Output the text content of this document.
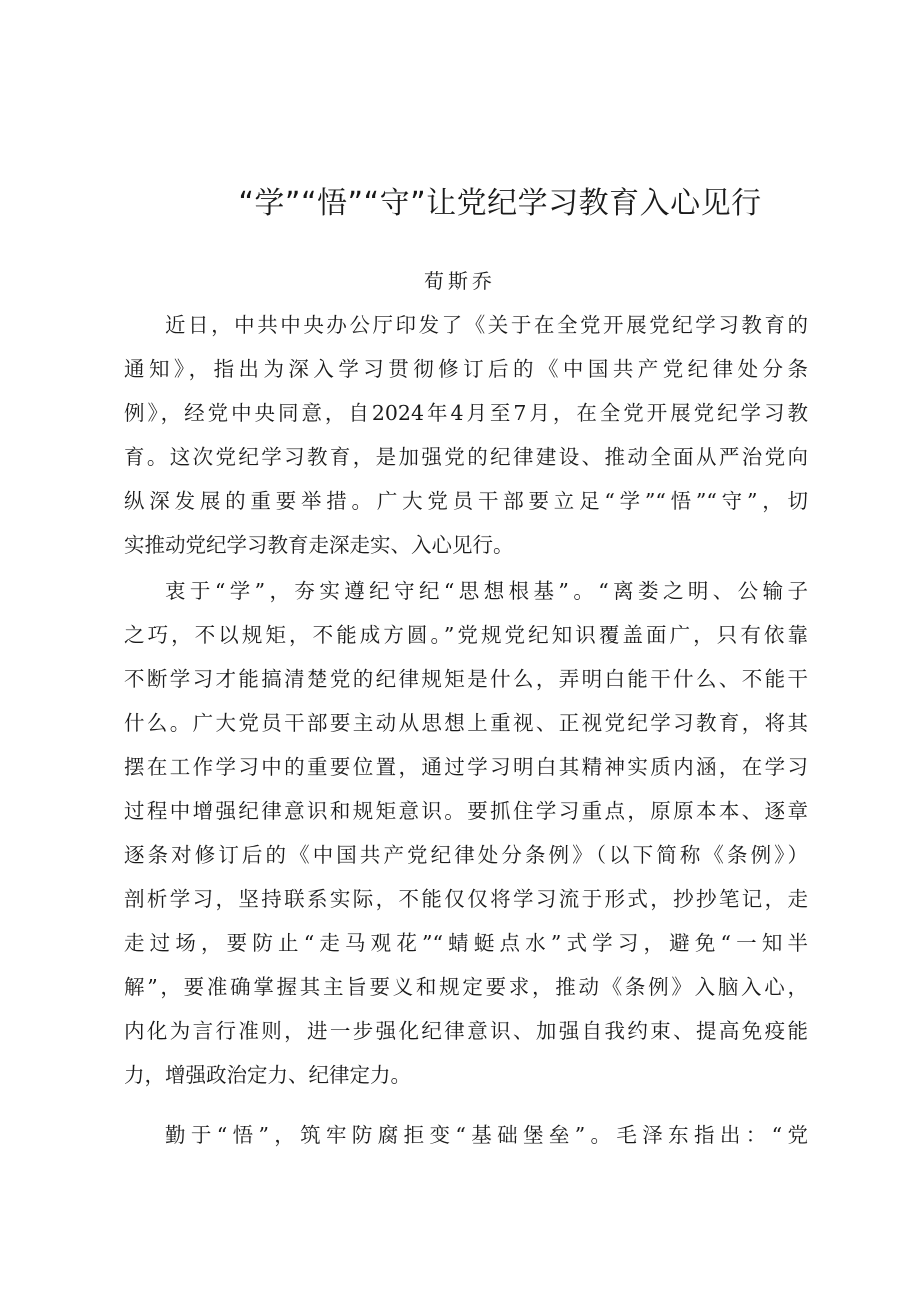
“学”“悟”“守”让党纪学习教育入心见行
荀斯乔
近日，中共中央办公厅印发了《关于在全党开展党纪学习教育的
通知》，指出为深入学习贯彻修订后的《中国共产党纪律处分条
例》，经党中央同意，自2024年4月至7月，在全党开展党纪学习教
育。这次党纪学习教育，是加强党的纪律建设、推动全面从严治党向
纵深发展的重要举措。广大党员干部要立足“学”“悟”“守”，切
实推动党纪学习教育走深走实、入心见行。
衷于“学”，夯实遵纪守纪“思想根基”。“离娄之明、公输子
之巧，不以规矩，不能成方圆。”党规党纪知识覆盖面广，只有依靠
不断学习才能搞清楚党的纪律规矩是什么，弄明白能干什么、不能干
什么。广大党员干部要主动从思想上重视、正视党纪学习教育，将其
摆在工作学习中的重要位置，通过学习明白其精神实质内涵，在学习
过程中增强纪律意识和规矩意识。要抓住学习重点，原原本本、逐章
逐条对修订后的《中国共产党纪律处分条例》（以下简称《条例》）
剖析学习，坚持联系实际，不能仅仅将学习流于形式，抄抄笔记，走
走过场，要防止“走马观花”“蜻蜓点水”式学习，避免“一知半
解”，要准确掌握其主旨要义和规定要求，推动《条例》入脑入心，
内化为言行准则，进一步强化纪律意识、加强自我约束、提高免疫能
力，增强政治定力、纪律定力。
勤于“悟”，筑牢防腐拒变“基础堡垒”。毛泽东指出：“党
